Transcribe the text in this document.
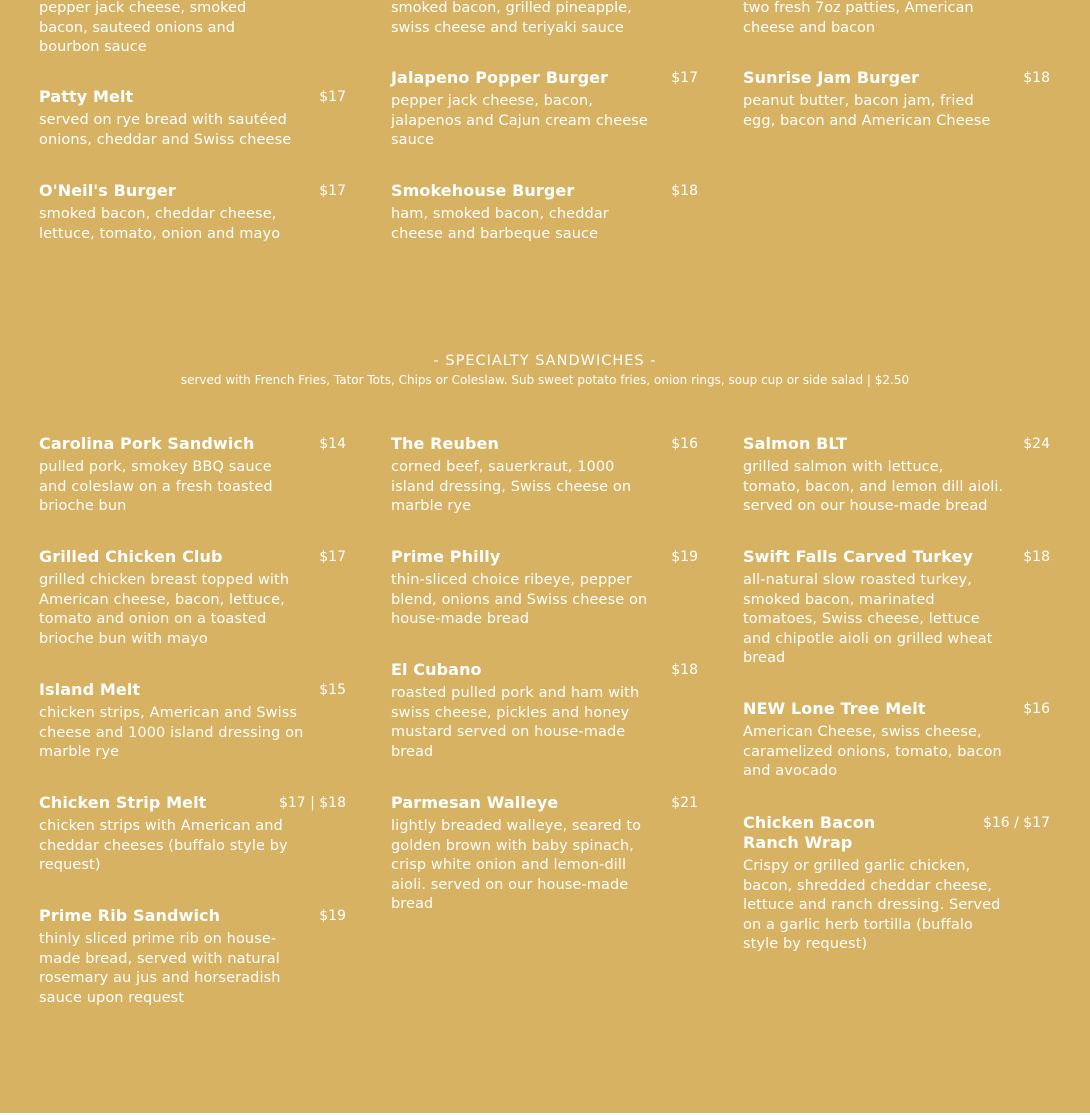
pepper jack cheese, smoked bacon, sauteed onions and bourbon sauce
smoked bacon, grilled pineapple, swiss cheese and teriyaki sauce
two fresh 7oz patties, American cheese and bacon
Patty Melt	$17
served on rye bread with sautéed onions, cheddar and Swiss cheese
O'Neil's Burger	$17
smoked bacon, cheddar cheese, lettuce, tomato, onion and mayo
Jalapeno Popper Burger	$17
pepper jack cheese, bacon, jalapenos and Cajun cream cheese sauce
Smokehouse Burger	$18
ham, smoked bacon, cheddar cheese and barbeque sauce
Sunrise Jam Burger	$18
peanut butter, bacon jam, fried egg, bacon and American Cheese
- SPECIALTY SANDWICHES -
served with French Fries, Tator Tots, Chips or Coleslaw. Sub sweet potato fries, onion rings, soup cup or side salad | $2.50
Carolina Pork Sandwich	$14
pulled pork, smokey BBQ sauce and coleslaw on a fresh toasted brioche bun
Grilled Chicken Club	$17
grilled chicken breast topped with American cheese, bacon, lettuce, tomato and onion on a toasted brioche bun with mayo
Island Melt	$15
chicken strips, American and Swiss cheese and 1000 island dressing on marble rye
Chicken Strip Melt	$17 | $18
chicken strips with American and cheddar cheeses (buffalo style by request)
Prime Rib Sandwich	$19
thinly sliced prime rib on house-made bread, served with natural rosemary au jus and horseradish sauce upon request
The Reuben	$16
corned beef, sauerkraut, 1000 island dressing, Swiss cheese on marble rye
Prime Philly	$19
thin-sliced choice ribeye, pepper blend, onions and Swiss cheese on house-made bread
El Cubano	$18
roasted pulled pork and ham with swiss cheese, pickles and honey mustard served on house-made bread
Parmesan Walleye	$21
lightly breaded walleye, seared to golden brown with baby spinach, crisp white onion and lemon-dill aioli. served on our house-made bread
Salmon BLT	$24
grilled salmon with lettuce, tomato, bacon, and lemon dill aioli. served on our house-made bread
Swift Falls Carved Turkey	$18
all-natural slow roasted turkey, smoked bacon, marinated tomatoes, Swiss cheese, lettuce and chipotle aioli on grilled wheat bread
NEW Lone Tree Melt	$16
American Cheese, swiss cheese, caramelized onions, tomato, bacon and avocado
Chicken Bacon Ranch Wrap
$16 / $17
Crispy or grilled garlic chicken, bacon, shredded cheddar cheese, lettuce and ranch dressing. Served on a garlic herb tortilla (buffalo style by request)
